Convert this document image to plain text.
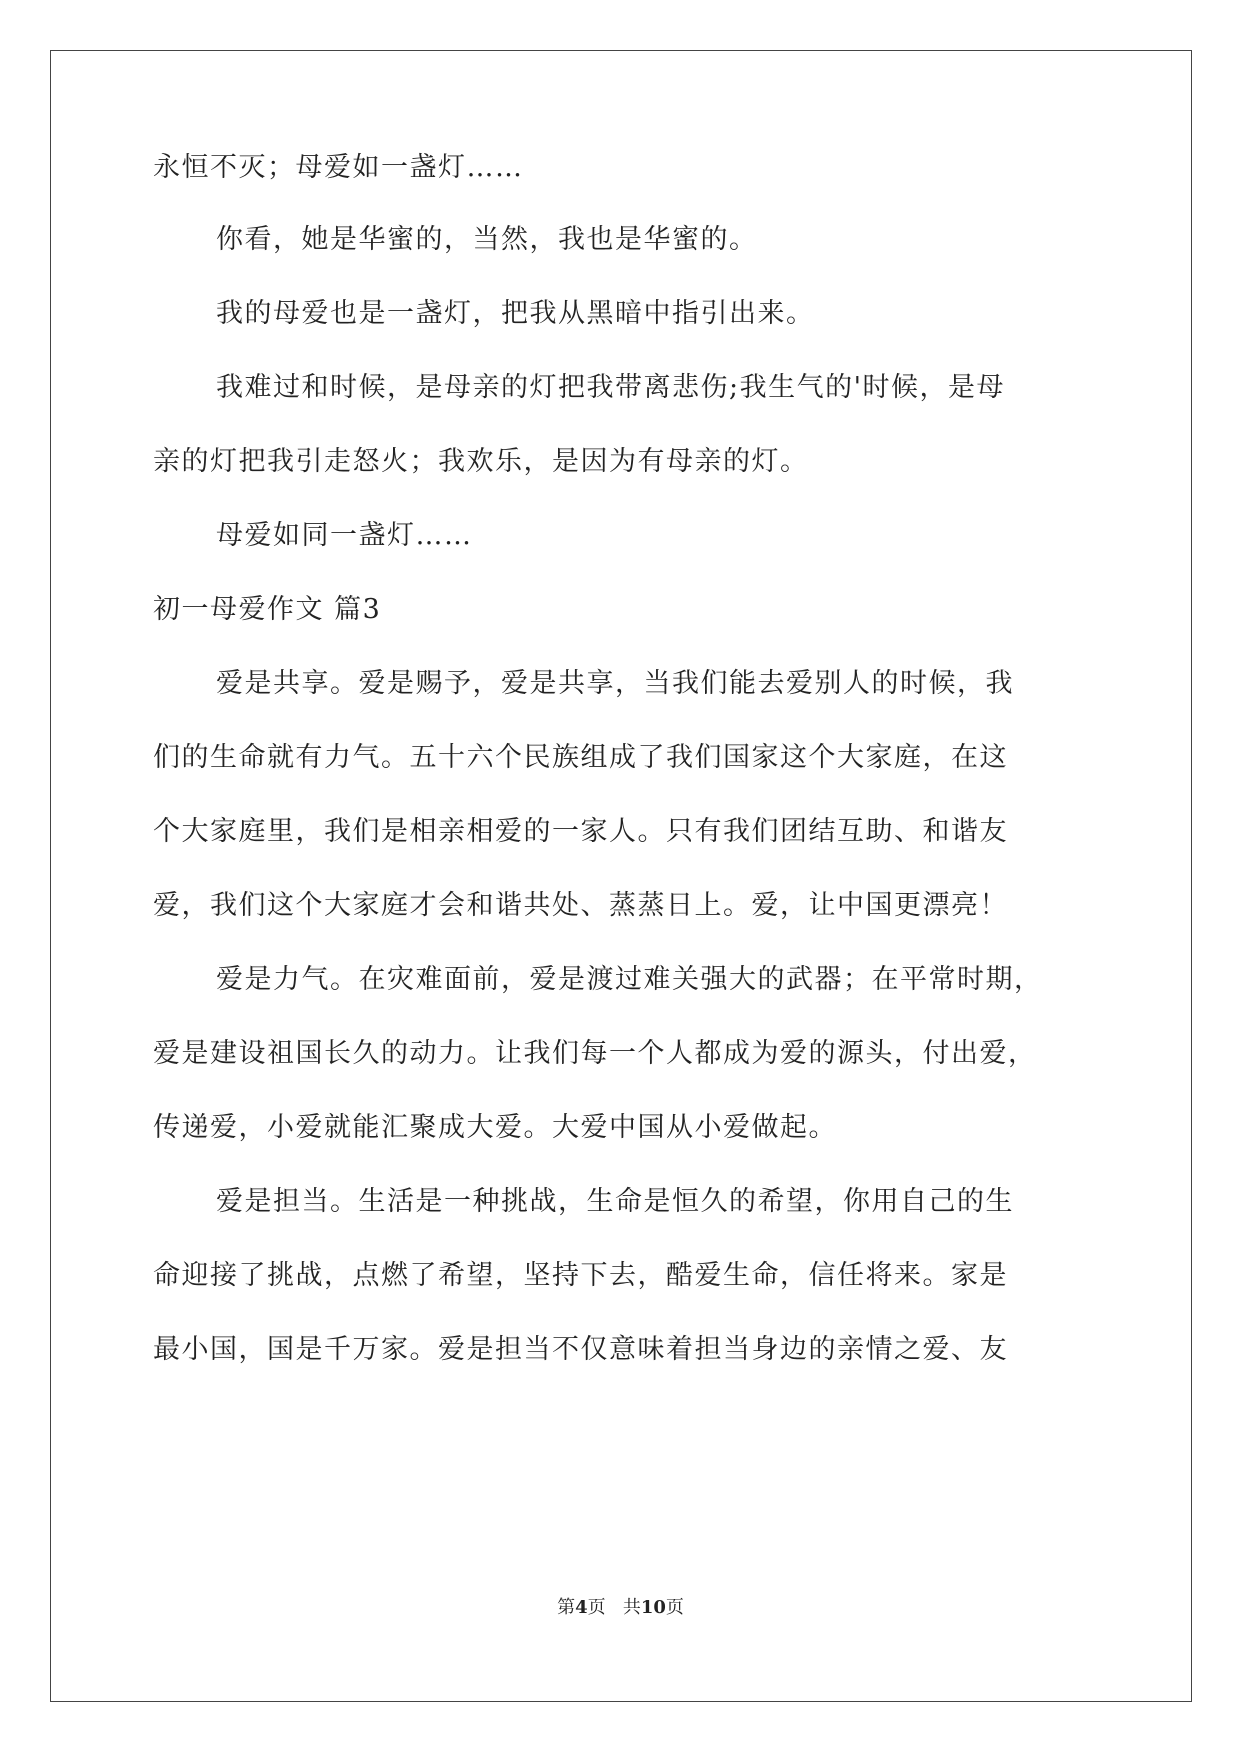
永恒不灭；母爱如一盏灯……
你看，她是华蜜的，当然，我也是华蜜的。
我的母爱也是一盏灯，把我从黑暗中指引出来。
我难过和时候，是母亲的灯把我带离悲伤;我生气的'时候，是母
亲的灯把我引走怒火；我欢乐，是因为有母亲的灯。
母爱如同一盏灯……
初一母爱作文 篇3
爱是共享。爱是赐予，爱是共享，当我们能去爱别人的时候，我
们的生命就有力气。五十六个民族组成了我们国家这个大家庭，在这
个大家庭里，我们是相亲相爱的一家人。只有我们团结互助、和谐友
爱，我们这个大家庭才会和谐共处、蒸蒸日上。爱，让中国更漂亮！
爱是力气。在灾难面前，爱是渡过难关强大的武器；在平常时期，
爱是建设祖国长久的动力。让我们每一个人都成为爱的源头，付出爱，
传递爱，小爱就能汇聚成大爱。大爱中国从小爱做起。
爱是担当。生活是一种挑战，生命是恒久的希望，你用自己的生
命迎接了挑战，点燃了希望，坚持下去，酷爱生命，信任将来。家是
最小国，国是千万家。爱是担当不仅意味着担当身边的亲情之爱、友
第4页 共10页
